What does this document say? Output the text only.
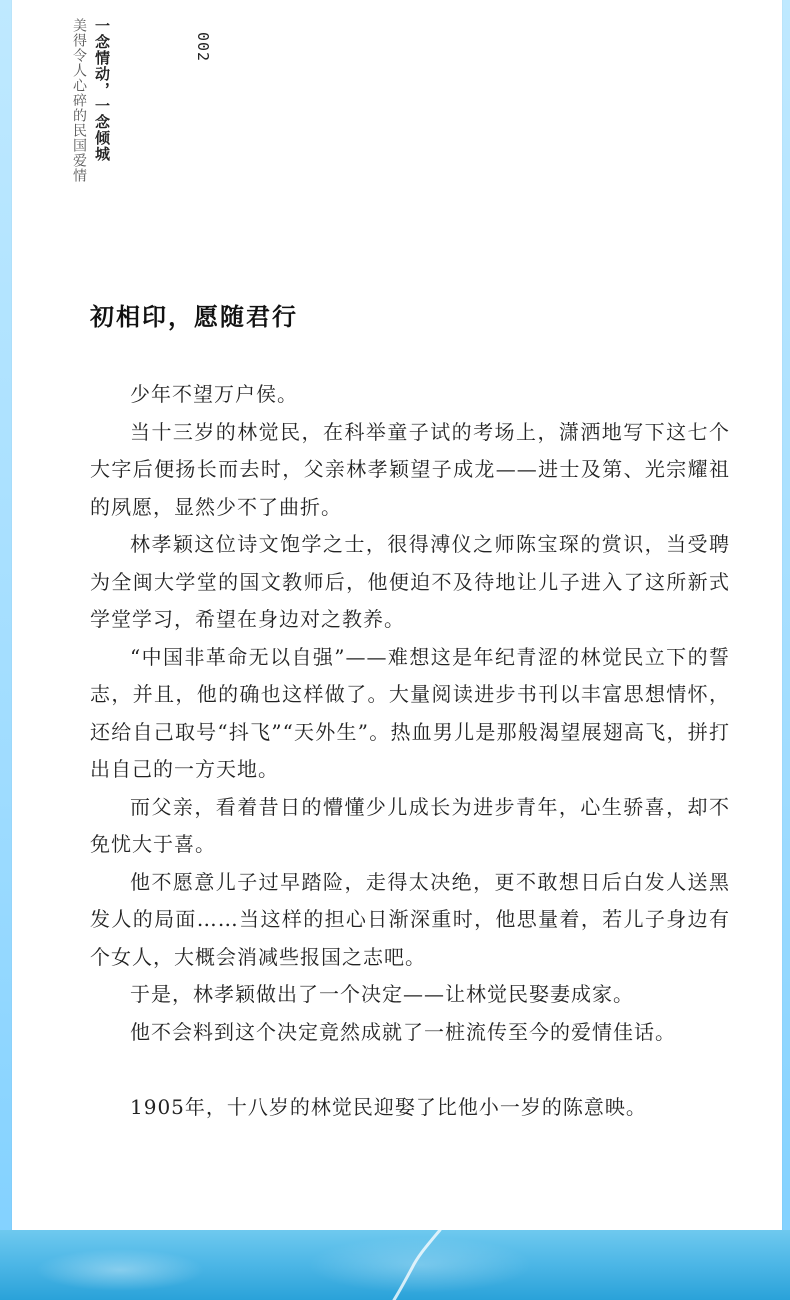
美得令人心碎的民国爱情 一念情动，一念倾城	002
初相印，愿随君行

少年不望万户侯。

当十三岁的林觉民，在科举童子试的考场上，潇洒地写下这七个大字后便扬长而去时，父亲林孝颖望子成龙——进士及第、光宗耀祖的夙愿，显然少不了曲折。

林孝颖这位诗文饱学之士，很得溥仪之师陈宝琛的赏识，当受聘为全闽大学堂的国文教师后，他便迫不及待地让儿子进入了这所新式学堂学习，希望在身边对之教养。

“中国非革命无以自强”——难想这是年纪青涩的林觉民立下的誓志，并且，他的确也这样做了。大量阅读进步书刊以丰富思想情怀，还给自己取号“抖飞”“天外生”。热血男儿是那般渴望展翅高飞，拼打出自己的一方天地。

而父亲，看着昔日的懵懂少儿成长为进步青年，心生骄喜，却不免忧大于喜。

他不愿意儿子过早踏险，走得太决绝，更不敢想日后白发人送黑发人的局面……当这样的担心日渐深重时，他思量着，若儿子身边有个女人，大概会消减些报国之志吧。

于是，林孝颖做出了一个决定——让林觉民娶妻成家。

他不会料到这个决定竟然成就了一桩流传至今的爱情佳话。

1905年，十八岁的林觉民迎娶了比他小一岁的陈意映。
